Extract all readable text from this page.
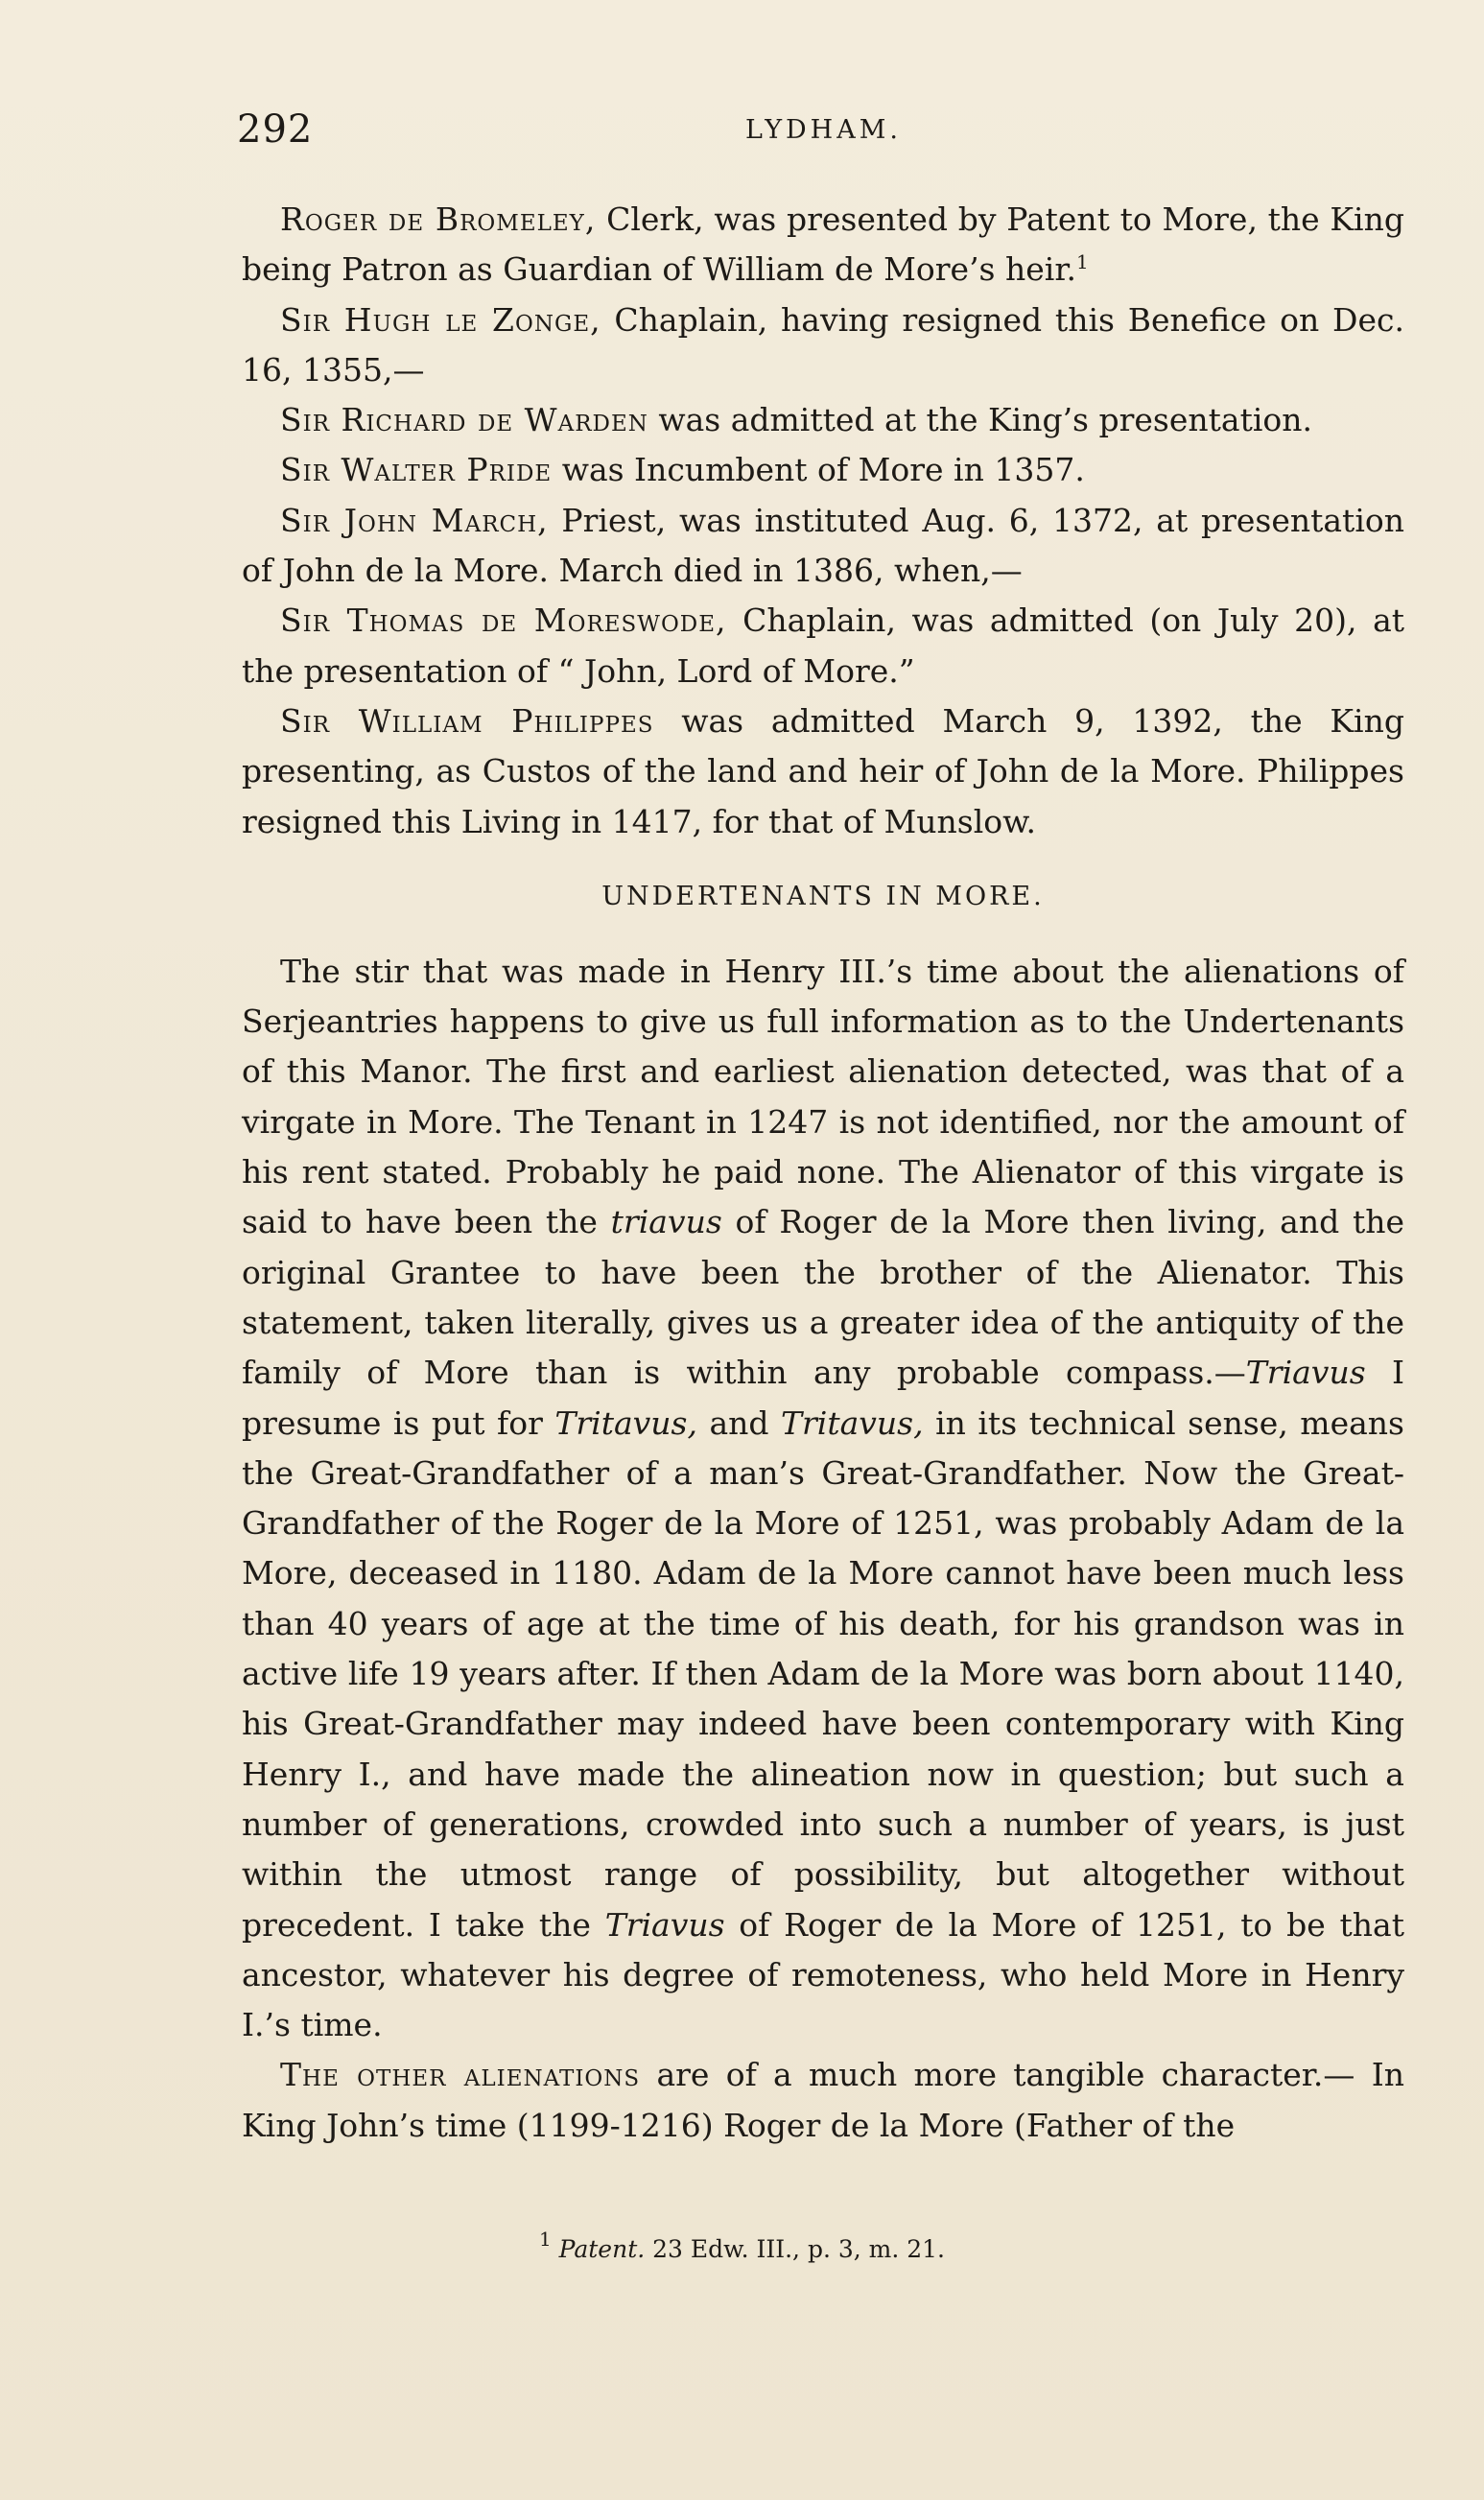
292	LYDHAM.

Roger de Bromeley, Clerk, was presented by Patent to More, the King being Patron as Guardian of William de More’s heir.$^1$

Sir Hugh le Zonge, Chaplain, having resigned this Benefice on Dec. 16, 1355,—

Sir Richard de Warden was admitted at the King’s presentation.

Sir Walter Pride was Incumbent of More in 1357.

Sir John March, Priest, was instituted Aug. 6, 1372, at presentation of John de la More. March died in 1386, when,—

Sir Thomas de Moreswode, Chaplain, was admitted (on July 20), at the presentation of “ John, Lord of More.”

Sir William Philippes was admitted March 9, 1392, the King presenting, as Custos of the land and heir of John de la More. Philippes resigned this Living in 1417, for that of Munslow.

UNDERTENANTS IN MORE.

The stir that was made in Henry III.’s time about the alienations of Serjeantries happens to give us full information as to the Undertenants of this Manor. The first and earliest alienation detected, was that of a virgate in More. The Tenant in 1247 is not identified, nor the amount of his rent stated. Probably he paid none. The Alienator of this virgate is said to have been the triavus of Roger de la More then living, and the original Grantee to have been the brother of the Alienator. This statement, taken literally, gives us a greater idea of the antiquity of the family of More than is within any probable compass.—Triavus I presume is put for Tritavus, and Tritavus, in its technical sense, means the Great-Grandfather of a man’s Great-Grandfather. Now the Great-Grandfather of the Roger de la More of 1251, was probably Adam de la More, deceased in 1180. Adam de la More cannot have been much less than 40 years of age at the time of his death, for his grandson was in active life 19 years after. If then Adam de la More was born about 1140, his Great-Grandfather may indeed have been contemporary with King Henry I., and have made the alineation now in question; but such a number of generations, crowded into such a number of years, is just within the utmost range of possibility, but altogether without precedent. I take the Triavus of Roger de la More of 1251, to be that ancestor, whatever his degree of remoteness, who held More in Henry I.’s time.

The other alienations are of a much more tangible character.— In King John’s time (1199-1216) Roger de la More (Father of the

$^1$ Patent. 23 Edw. III., p. 3, m. 21.
